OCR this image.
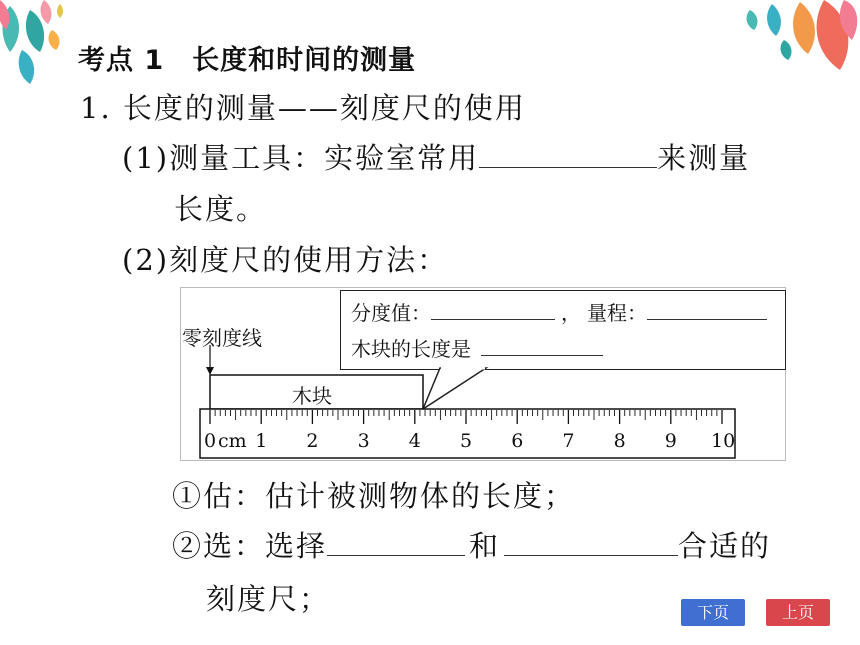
考点 1　长度和时间的测量
1. 长度的测量——刻度尺的使用
(1)测量工具：实验室常用	来测量
长度。
(2)刻度尺的使用方法：
分度值：	， 量程：
木块的长度是
零刻度线
木块
0 1 2 3 4 5 6 7 8 9 10
cm
①估：估计被测物体的长度；
②选：选择	和	合适的
刻度尺；	下页	上页
